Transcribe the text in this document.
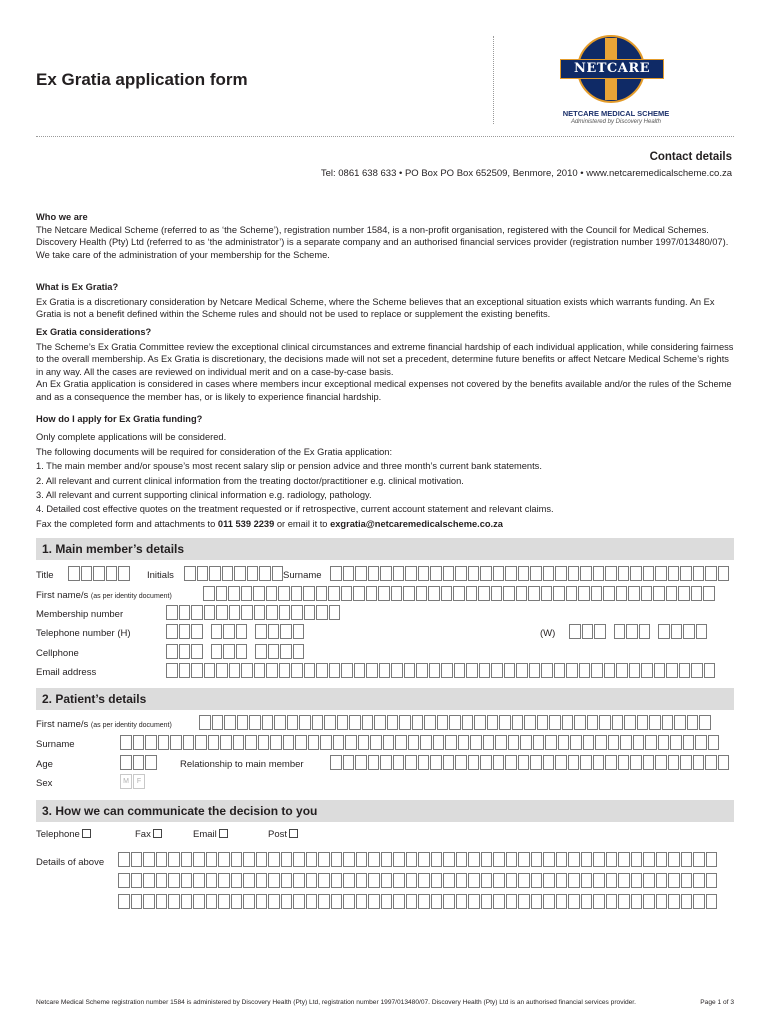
Ex Gratia application form
NETCARE
NETCARE MEDICAL SCHEME
Administered by Discovery Health
Contact details
Tel: 0861 638 633 • PO Box PO Box 652509, Benmore, 2010 • www.netcaremedicalscheme.co.za

Who we are

The Netcare Medical Scheme (referred to as ‘the Scheme’), registration number 1584, is a non-profit organisation, registered with the Council for Medical Schemes.

Discovery Health (Pty) Ltd (referred to as ‘the administrator’) is a separate company and an authorised financial services provider (registration number 1997/013480/07). We take care of the administration of your membership for the Scheme.

What is Ex Gratia?

Ex Gratia is a discretionary consideration by Netcare Medical Scheme, where the Scheme believes that an exceptional situation exists which warrants funding. An Ex Gratia is not a benefit defined within the Scheme rules and should not be used to replace or supplement the existing benefits.

Ex Gratia considerations?

The Scheme’s Ex Gratia Committee review the exceptional clinical circumstances and extreme financial hardship of each individual application, while considering fairness to the overall membership. As Ex Gratia is discretionary, the decisions made will not set a precedent, determine future benefits or affect Netcare Medical Scheme’s rights in any way. All the cases are reviewed on individual merit and on a case-by-case basis.

An Ex Gratia application is considered in cases where members incur exceptional medical expenses not covered by the benefits available and/or the rules of the Scheme and as a consequence the member has, or is likely to experience financial hardship.

How do I apply for Ex Gratia funding?

Only complete applications will be considered.

The following documents will be required for consideration of the Ex Gratia application:

1. The main member and/or spouse’s most recent salary slip or pension advice and three month’s current bank statements.

2. All relevant and current clinical information from the treating doctor/practitioner e.g. clinical motivation.

3. All relevant and current supporting clinical information e.g. radiology, pathology.

4. Detailed cost effective quotes on the treatment requested or if retrospective, current account statement and relevant claims.

Fax the completed form and attachments to 011 539 2239 or email it to exgratia@netcaremedicalscheme.co.za

1. Main member’s details
Title	Initials	Surname
First name/s (as per identity document)
Membership number
Telephone number (H)	(W)
Cellphone
Email address
2. Patient’s details
First name/s (as per identity document)
Surname
Age	Relationship to main member
Sex	M	F
3. How we can communicate the decision to you
Telephone	Fax	Email	Post
Details of above
Netcare Medical Scheme registration number 1584 is administered by Discovery Health (Pty) Ltd, registration number 1997/013480/07. Discovery Health (Pty) Ltd is an authorised financial services provider.	Page 1 of 3
